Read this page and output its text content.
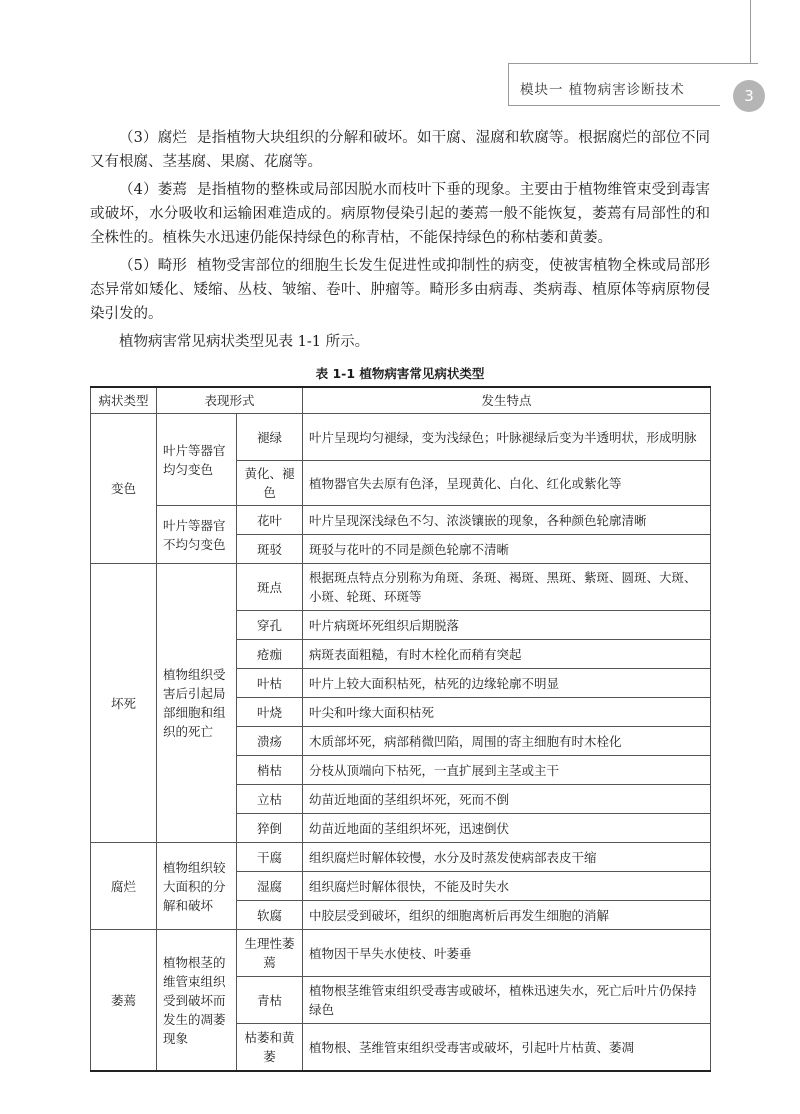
模块一 植物病害诊断技术	3

（3）腐烂 是指植物大块组织的分解和破坏。如干腐、湿腐和软腐等。根据腐烂的部位不同又有根腐、茎基腐、果腐、花腐等。

（4）萎蔫 是指植物的整株或局部因脱水而枝叶下垂的现象。主要由于植物维管束受到毒害或破坏，水分吸收和运输困难造成的。病原物侵染引起的萎蔫一般不能恢复，萎蔫有局部性的和全株性的。植株失水迅速仍能保持绿色的称青枯，不能保持绿色的称枯萎和黄萎。

（5）畸形 植物受害部位的细胞生长发生促进性或抑制性的病变，使被害植物全株或局部形态异常如矮化、矮缩、丛枝、皱缩、卷叶、肿瘤等。畸形多由病毒、类病毒、植原体等病原物侵染引发的。

植物病害常见病状类型见表 1-1 所示。

表 1-1 植物病害常见病状类型
病状类型	表现形式		发生特点
变色	叶片等器官均匀变色	褪绿	叶片呈现均匀褪绿，变为浅绿色；叶脉褪绿后变为半透明状，形成明脉
		黄化、褪色	植物器官失去原有色泽，呈现黄化、白化、红化或紫化等
	叶片等器官不均匀变色	花叶	叶片呈现深浅绿色不匀、浓淡镶嵌的现象，各种颜色轮廓清晰
		斑驳	斑驳与花叶的不同是颜色轮廓不清晰
坏死	植物组织受害后引起局部细胞和组织的死亡	斑点	根据斑点特点分别称为角斑、条斑、褐斑、黑斑、紫斑、圆斑、大斑、小斑、轮斑、环斑等
		穿孔	叶片病斑坏死组织后期脱落
		疮痂	病斑表面粗糙，有时木栓化而稍有突起
		叶枯	叶片上较大面积枯死，枯死的边缘轮廓不明显
		叶烧	叶尖和叶缘大面积枯死
		溃疡	木质部坏死，病部稍微凹陷，周围的寄主细胞有时木栓化
		梢枯	分枝从顶端向下枯死，一直扩展到主茎或主干
		立枯	幼苗近地面的茎组织坏死，死而不倒
		猝倒	幼苗近地面的茎组织坏死，迅速倒伏
腐烂	植物组织较大面积的分解和破坏	干腐	组织腐烂时解体较慢，水分及时蒸发使病部表皮干缩
		湿腐	组织腐烂时解体很快，不能及时失水
		软腐	中胶层受到破坏，组织的细胞离析后再发生细胞的消解
萎蔫	植物根茎的维管束组织受到破坏而发生的凋萎现象	生理性萎蔫	植物因干旱失水使枝、叶萎垂
		青枯	植物根茎维管束组织受毒害或破坏，植株迅速失水，死亡后叶片仍保持绿色
		枯萎和黄萎	植物根、茎维管束组织受毒害或破坏，引起叶片枯黄、萎凋
